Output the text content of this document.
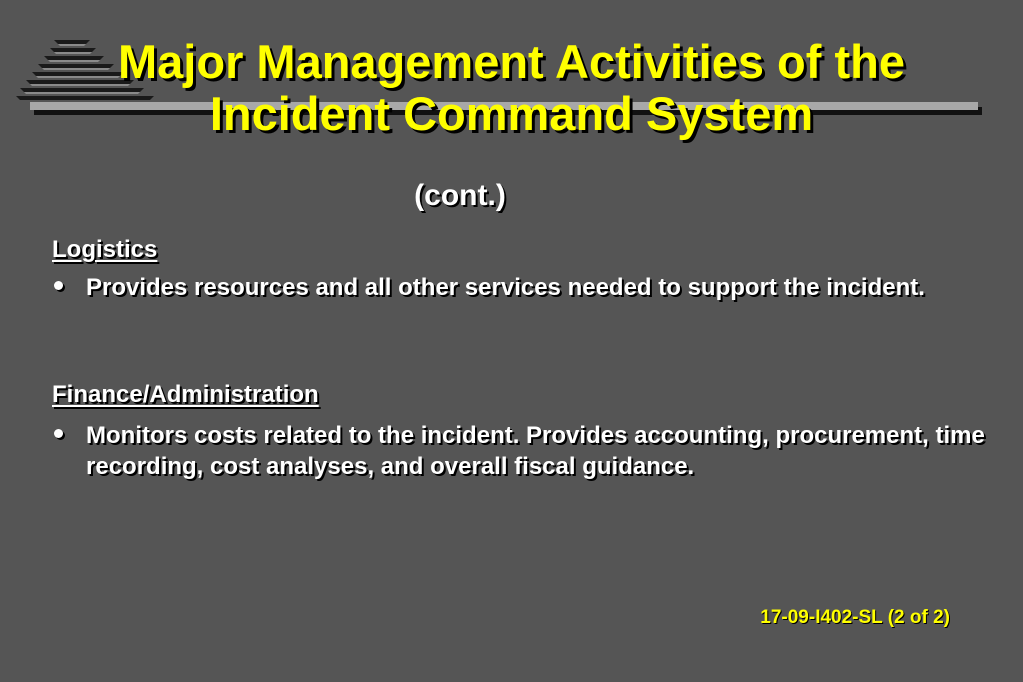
Major Management Activities of the
Incident Command System
(cont.)
Logistics
Provides resources and all other services needed to support the incident.
Finance/Administration
Monitors costs related to the incident. Provides accounting, procurement, time recording, cost analyses, and overall fiscal guidance.
17-09-I402-SL (2 of 2)
